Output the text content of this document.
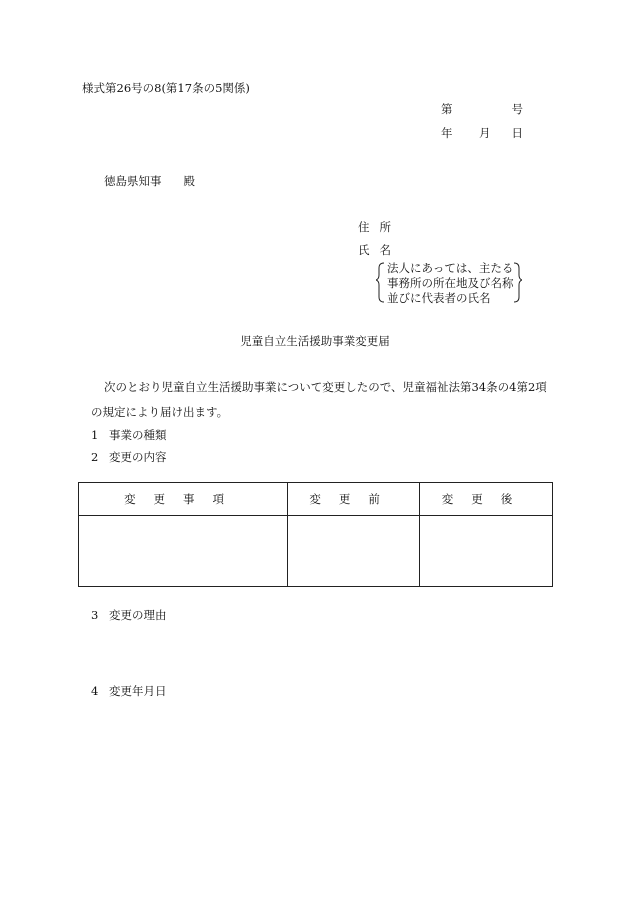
様式第26号の8(第17条の5関係)
第	号
年 月 日
徳島県知事 殿
住所
氏名
法人にあっては、主たる
事務所の所在地及び名称
並びに代表者の氏名
児童自立生活援助事業変更届
次のとおり児童自立生活援助事業について変更したので、児童福祉法第34条の4第2項
の規定により届け出ます。
1 事業の種類
2 変更の内容
変更事項	変更前	変更後

3 変更の理由
4 変更年月日
